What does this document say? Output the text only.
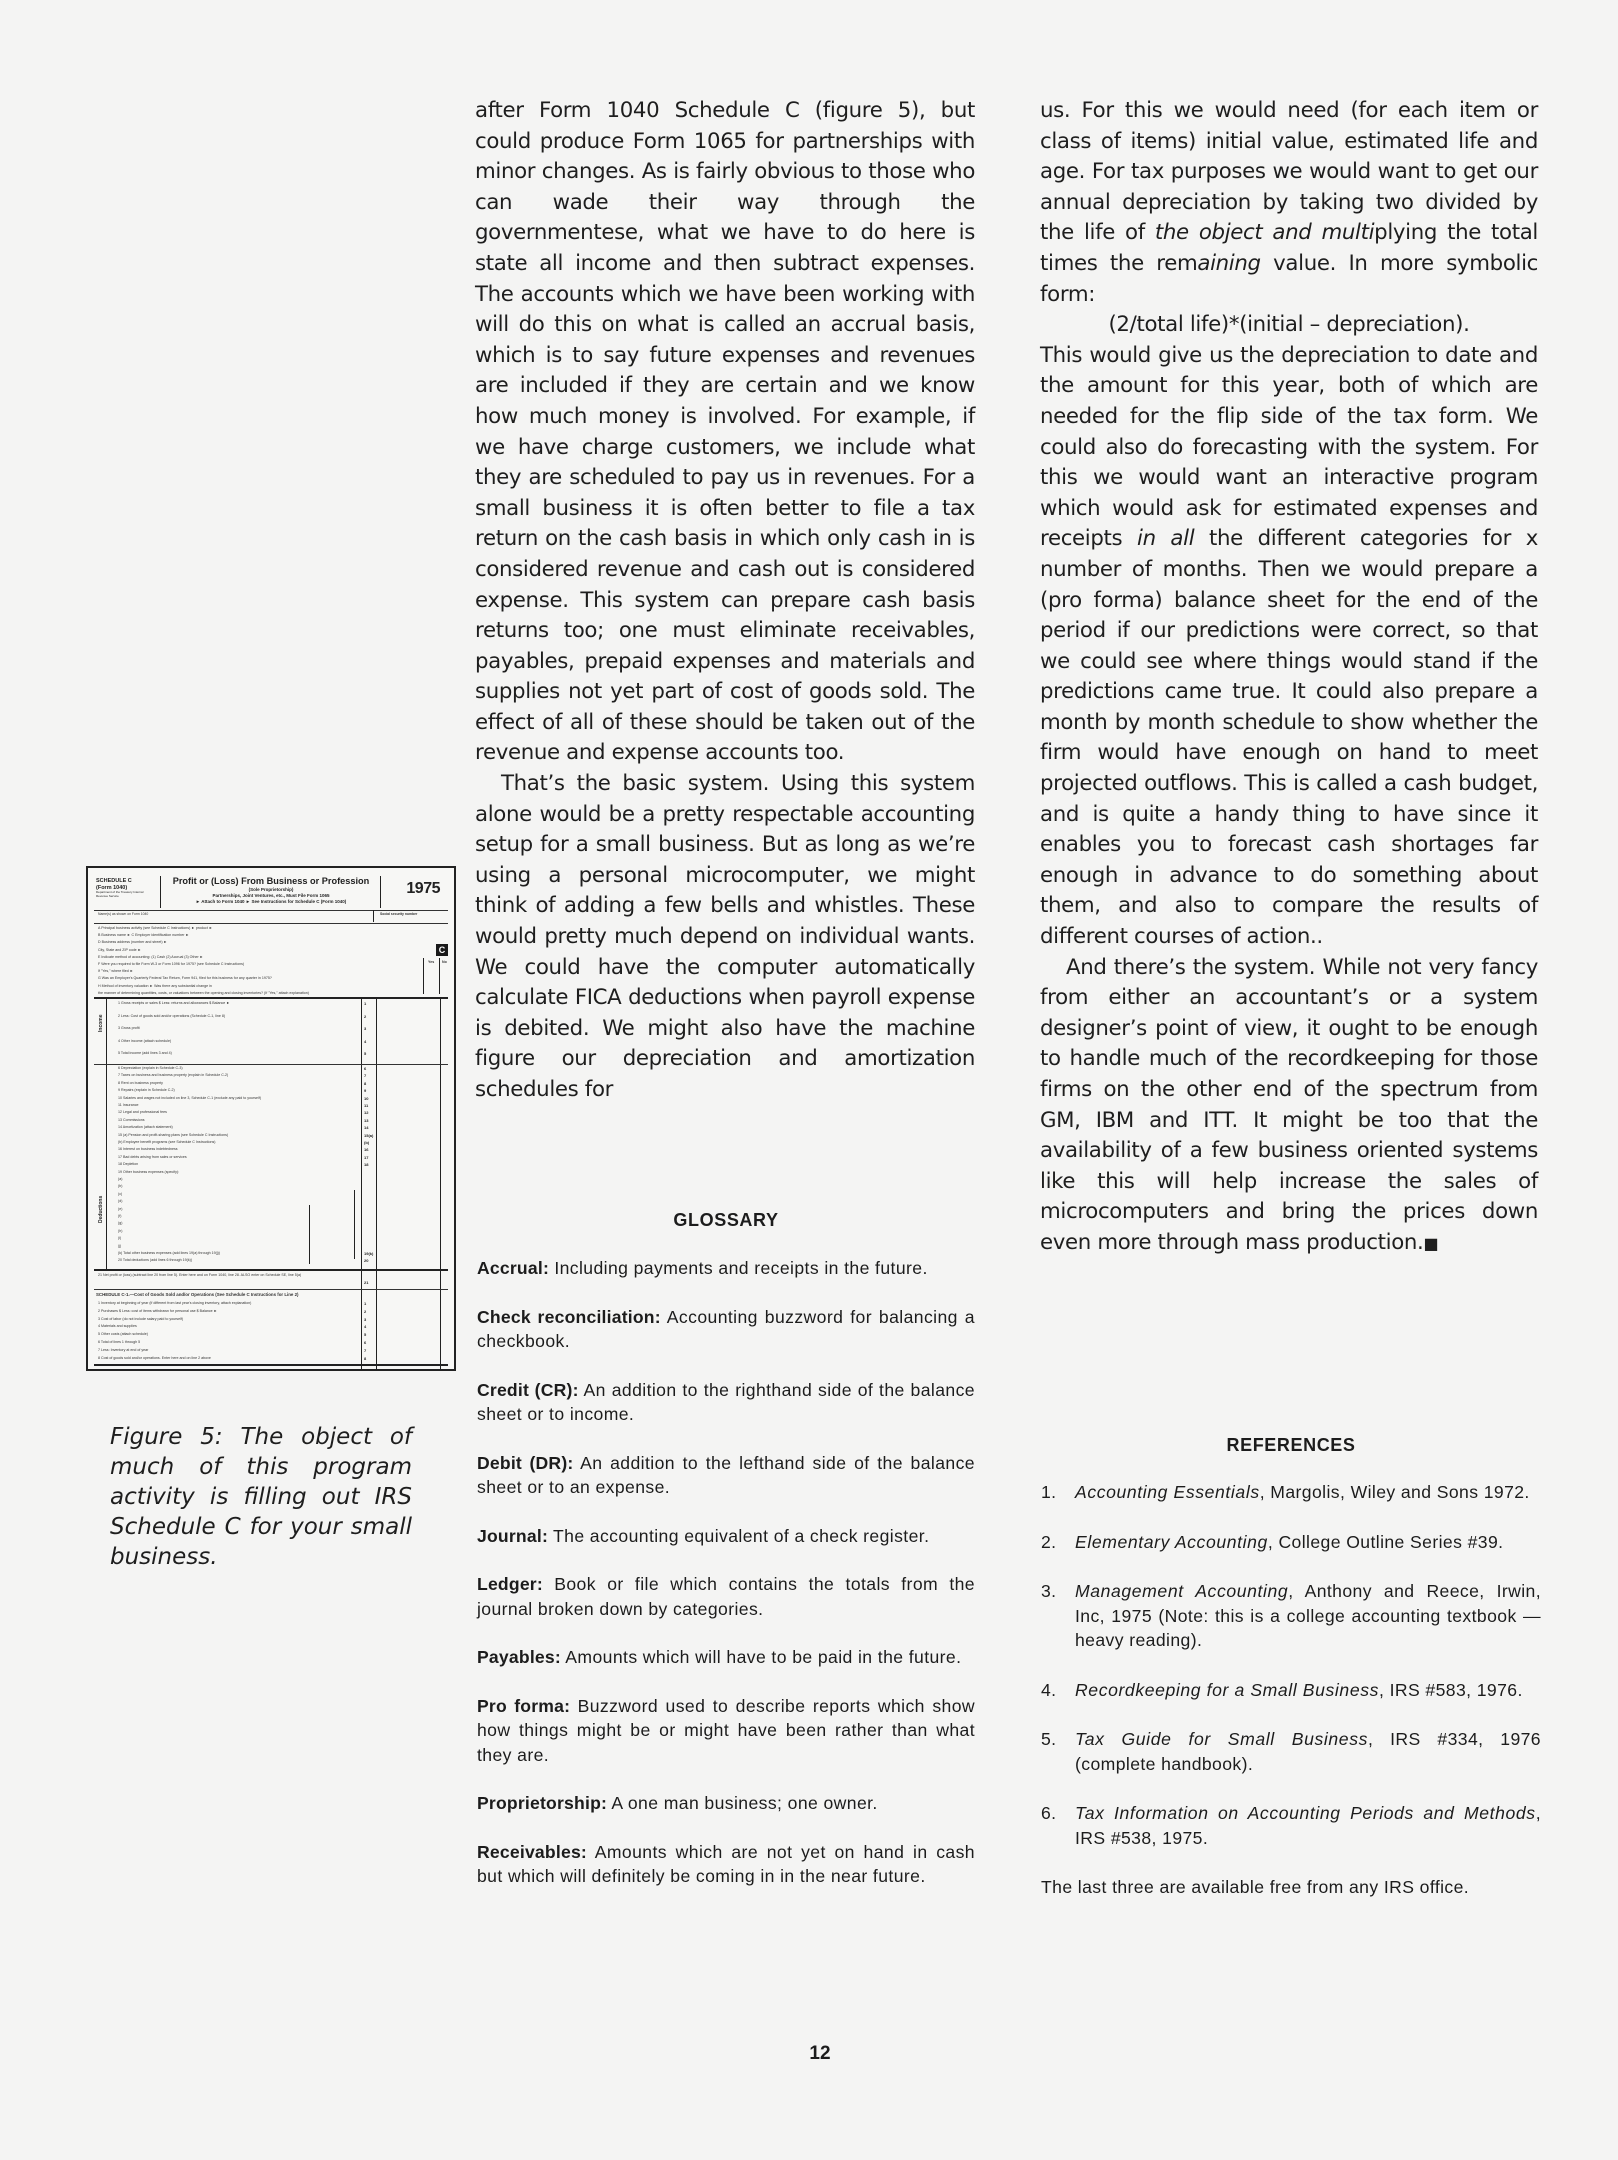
SCHEDULE C
(Form 1040)
Department of the Treasury Internal Revenue Service
Profit or (Loss) From Business or Profession
(Sole Proprietorship)
Partnerships, Joint Ventures, etc., Must File Form 1065
► Attach to Form 1040 ► See Instructions for Schedule C (Form 1040)
1975
Name(s) as shown on Form 1040	Social security number
A Principal business activity (see Schedule C Instructions) ► product ►
B Business name ► C Employer identification number ►
D Business address (number and street) ►
City, State and ZIP code ►
E Indicate method of accounting: (1) Cash (2) Accrual (3) Other ►
F Were you required to file Form W-3 or Form 1096 for 1975? (see Schedule C Instructions)
If "Yes," where filed ►
G Was an Employer's Quarterly Federal Tax Return, Form 941, filed for this business for any quarter in 1975?
H Method of inventory valuation ► Was there any substantial change in
the manner of determining quantities, costs, or valuations between the opening and closing inventories? (If "Yes," attach explanation)
C
Yes No
Income
Deductions
1 Gross receipts or sales $ Less: returns and allowances $ Balance ►	1
2 Less: Cost of goods sold and/or operations (Schedule C-1, line 8)	2
3 Gross profit	3
4 Other income (attach schedule)	4
5 Total income (add lines 3 and 4)	5
6 Depreciation (explain in Schedule C-3)	6
7 Taxes on business and business property (explain in Schedule C-2)	7
8 Rent on business property	8
9 Repairs (explain in Schedule C-2)	9
10 Salaries and wages not included on line 3, Schedule C-1 (exclude any paid to yourself)	10
11 Insurance	11
12 Legal and professional fees	12
13 Commissions	13
14 Amortization (attach statement)	14
15 (a) Pension and profit-sharing plans (see Schedule C Instructions)	15(a)
(b) Employee benefit programs (see Schedule C Instructions)	(b)
16 Interest on business indebtedness	16
17 Bad debts arising from sales or services	17
18 Depletion	18
19 Other business expenses (specify):
(a)
(b)
(c)
(d)
(e)
(f)
(g)
(h)
(i)
(j)
(k) Total other business expenses (add lines 19(a) through 19(j))	19(k)
20 Total deductions (add lines 6 through 19(k))	20
21 Net profit or (loss) (subtract line 20 from line 5). Enter here and on Form 1040, line 28. ALSO enter on Schedule SE, line 5(a)
21
SCHEDULE C-1.—Cost of Goods Sold and/or Operations (See Schedule C Instructions for Line 2)
1 Inventory at beginning of year (if different from last year's closing inventory, attach explanation)	1
2 Purchases $ Less: cost of items withdrawn for personal use $ Balance ►	2
3 Cost of labor (do not include salary paid to yourself)	3
4 Materials and supplies	4
5 Other costs (attach schedule)	5
6 Total of lines 1 through 5	6
7 Less: Inventory at end of year	7
8 Cost of goods sold and/or operations. Enter here and on line 2 above	8

Figure 5: The object of much of this program activity is filling out IRS Schedule C for your small business.

after Form 1040 Schedule C (figure 5), but could produce Form 1065 for partnerships with minor changes. As is fairly obvious to those who can wade their way through the governmentese, what we have to do here is state all income and then subtract expenses. The accounts which we have been working with will do this on what is called an accrual basis, which is to say future expenses and revenues are included if they are certain and we know how much money is involved. For example, if we have charge customers, we include what they are scheduled to pay us in revenues. For a small business it is often better to file a tax return on the cash basis in which only cash in is considered revenue and cash out is considered expense. This system can prepare cash basis returns too; one must eliminate receivables, payables, prepaid expenses and materials and supplies not yet part of cost of goods sold. The effect of all of these should be taken out of the revenue and expense accounts too.

That’s the basic system. Using this system alone would be a pretty respectable accounting setup for a small business. But as long as we’re using a personal microcomputer, we might think of adding a few bells and whistles. These would pretty much depend on individual wants. We could have the computer automatically calculate FICA deductions when payroll expense is debited. We might also have the machine figure our depreciation and amortization schedules for

GLOSSARY

Accrual: Including payments and receipts in the future.

Check reconciliation: Accounting buzzword for balancing a checkbook.

Credit (CR): An addition to the righthand side of the balance sheet or to income.

Debit (DR): An addition to the lefthand side of the balance sheet or to an expense.

Journal: The accounting equivalent of a check register.

Ledger: Book or file which contains the totals from the journal broken down by categories.

Payables: Amounts which will have to be paid in the future.

Pro forma: Buzzword used to describe reports which show how things might be or might have been rather than what they are.

Proprietorship: A one man business; one owner.

Receivables: Amounts which are not yet on hand in cash but which will definitely be coming in in the near future.

us. For this we would need (for each item or class of items) initial value, estimated life and age. For tax purposes we would want to get our annual depreciation by taking two divided by the life of the object and multiplying the total times the remaining value. In more symbolic form:

(2/total life)*(initial – depreciation).

This would give us the depreciation to date and the amount for this year, both of which are needed for the flip side of the tax form. We could also do forecasting with the system. For this we would want an interactive program which would ask for estimated expenses and receipts in all the different categories for x number of months. Then we would prepare a (pro forma) balance sheet for the end of the period if our predictions were correct, so that we could see where things would stand if the predictions came true. It could also prepare a month by month schedule to show whether the firm would have enough on hand to meet projected outflows. This is called a cash budget, and is quite a handy thing to have since it enables you to forecast cash shortages far enough in advance to do something about them, and also to compare the results of different courses of action..

And there’s the system. While not very fancy from either an accountant’s or a system designer’s point of view, it ought to be enough to handle much of the recordkeeping for those firms on the other end of the spectrum from GM, IBM and ITT. It might be too that the availability of a few business oriented systems like this will help increase the sales of microcomputers and bring the prices down even more through mass production.■

REFERENCES
1.	Accounting Essentials, Margolis, Wiley and Sons 1972.
2.	Elementary Accounting, College Outline Series #39.
3.	Management Accounting, Anthony and Reece, Irwin, Inc, 1975 (Note: this is a college accounting textbook — heavy reading).
4.	Recordkeeping for a Small Business, IRS #583, 1976.
5.	Tax Guide for Small Business, IRS #334, 1976 (complete handbook).
6.	Tax Information on Accounting Periods and Methods, IRS #538, 1975.

The last three are available free from any IRS office.

12
